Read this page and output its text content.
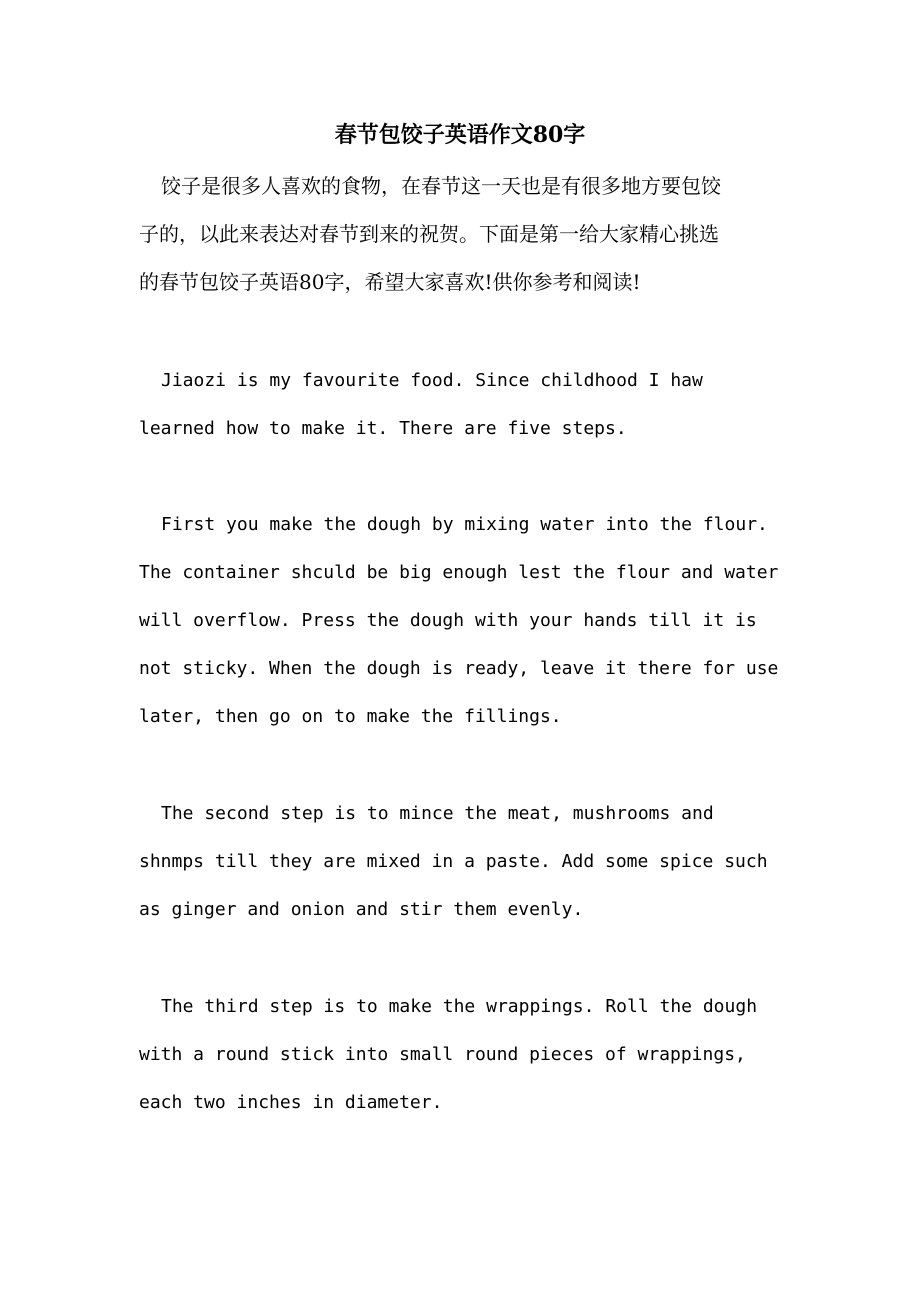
春节包饺子英语作文80字
饺子是很多人喜欢的食物，在春节这一天也是有很多地方要包饺
子的，以此来表达对春节到来的祝贺。下面是第一给大家精心挑选
的春节包饺子英语80字，希望大家喜欢!供你参考和阅读!
Jiaozi is my favourite food. Since childhood I haw
learned how to make it. There are five steps.
First you make the dough by mixing water into the flour.
The container shculd be big enough lest the flour and water
will overflow. Press the dough with your hands till it is
not sticky. When the dough is ready, leave it there for use
later, then go on to make the fillings.
The second step is to mince the meat, mushrooms and
shnmps till they are mixed in a paste. Add some spice such
as ginger and onion and stir them evenly.
The third step is to make the wrappings. Roll the dough
with a round stick into small round pieces of wrappings,
each two inches in diameter.
